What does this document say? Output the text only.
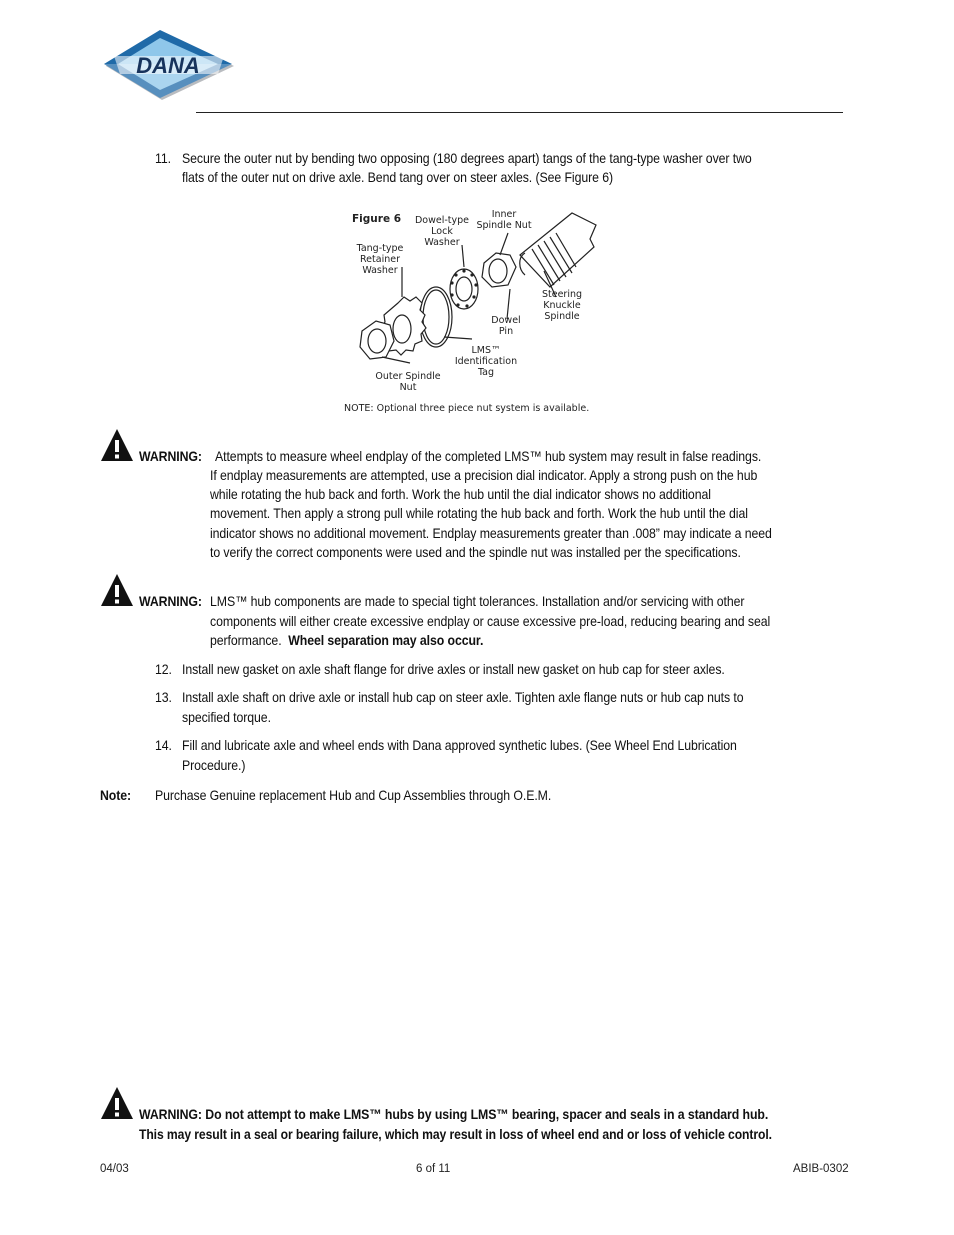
DANA
11. Secure the outer nut by bending two opposing (180 degrees apart) tangs of the tang-type washer over two
flats of the outer nut on drive axle. Bend tang over on steer axles. (See Figure 6)
Figure 6	Dowel-type
Lock
Washer
Inner
Spindle Nut
Tang-type
Retainer
Washer
Steering
Knuckle
Spindle
Dowel
Pin
LMS™
Identification
Tag
Outer Spindle
Nut
NOTE: Optional three piece nut system is available.
WARNING: Attempts to measure wheel endplay of the completed LMS™ hub system may result in false readings.
If endplay measurements are attempted, use a precision dial indicator. Apply a strong push on the hub
while rotating the hub back and forth. Work the hub until the dial indicator shows no additional
movement. Then apply a strong pull while rotating the hub back and forth. Work the hub until the dial
indicator shows no additional movement. Endplay measurements greater than .008” may indicate a need
to verify the correct components were used and the spindle nut was installed per the specifications.
WARNING: LMS™ hub components are made to special tight tolerances. Installation and/or servicing with other
components will either create excessive endplay or cause excessive pre-load, reducing bearing and seal
performance. Wheel separation may also occur.
12. Install new gasket on axle shaft flange for drive axles or install new gasket on hub cap for steer axles.
13. Install axle shaft on drive axle or install hub cap on steer axle. Tighten axle flange nuts or hub cap nuts to
specified torque.
14. Fill and lubricate axle and wheel ends with Dana approved synthetic lubes. (See Wheel End Lubrication
Procedure.)
Note: Purchase Genuine replacement Hub and Cup Assemblies through O.E.M.
WARNING: Do not attempt to make LMS™ hubs by using LMS™ bearing, spacer and seals in a standard hub.
This may result in a seal or bearing failure, which may result in loss of wheel end and or loss of vehicle control.
04/03	6 of 11	ABIB-0302
